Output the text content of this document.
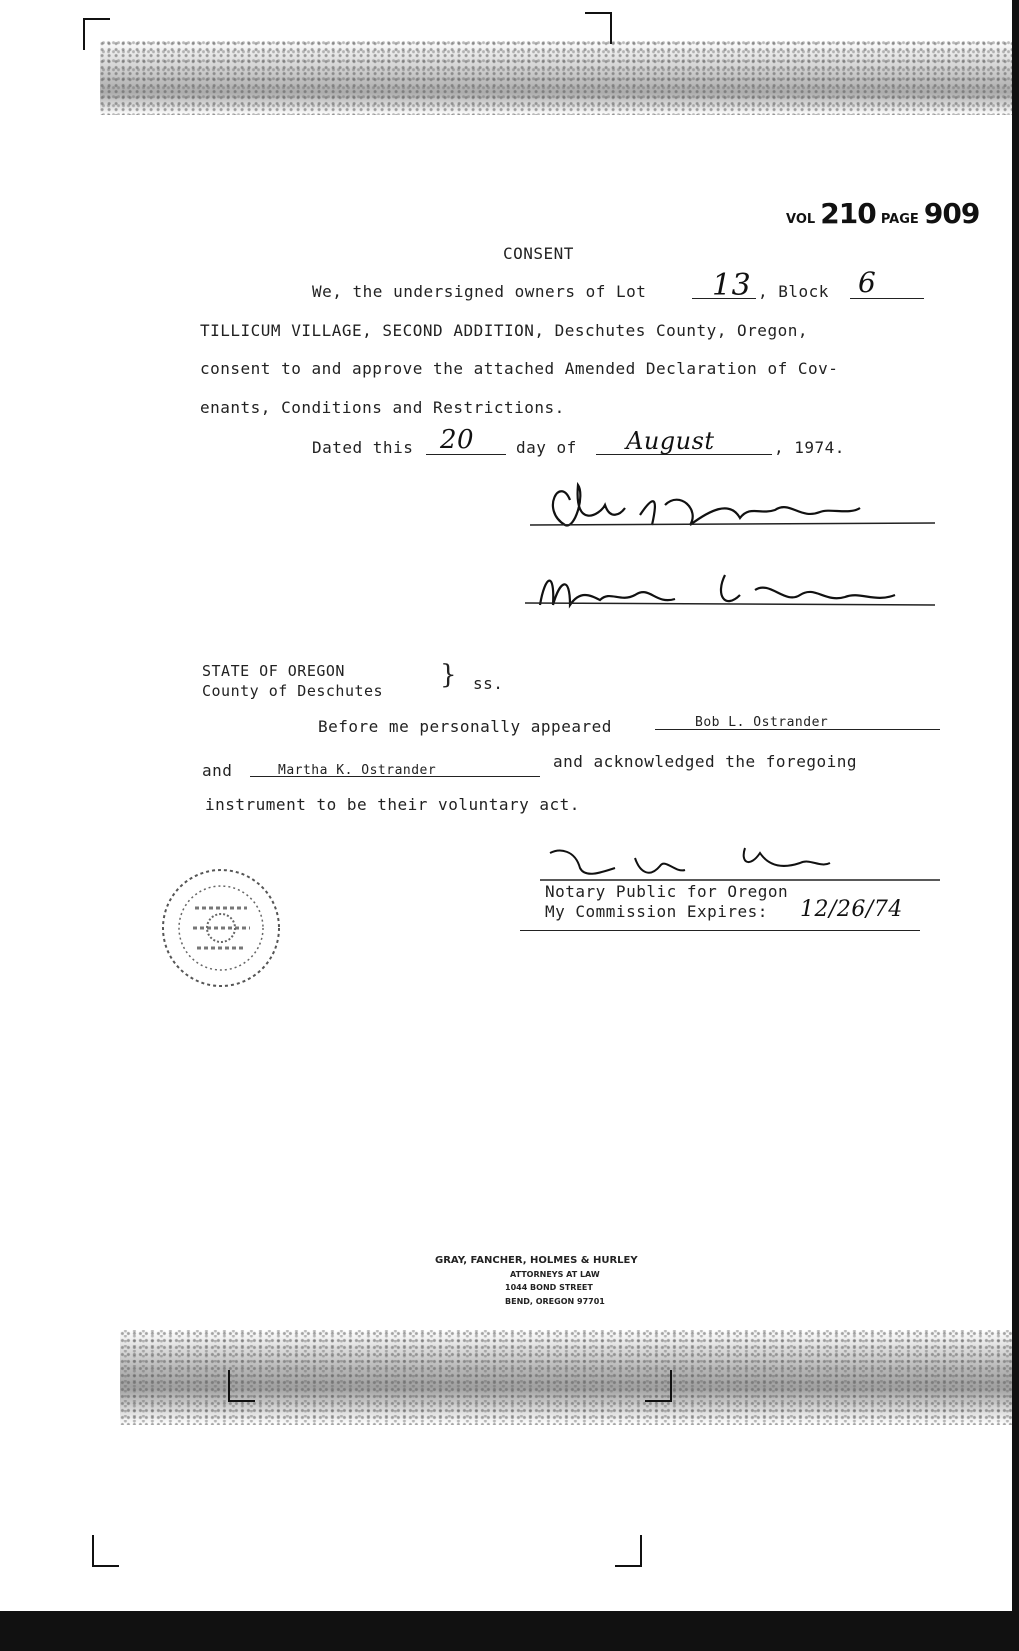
VOL 210 PAGE 909
CONSENT
We, the undersigned owners of Lot 13 , Block 6
TILLICUM VILLAGE, SECOND ADDITION, Deschutes County, Oregon,
consent to and approve the attached Amended Declaration of Cov-
enants, Conditions and Restrictions.
Dated this 20	day of August	, 1974.
STATE OF OREGON
County of Deschutes
} ss.
Before me personally appeared	Bob L. Ostrander
and	Martha K. Ostrander	and acknowledged the foregoing
instrument to be their voluntary act.
Notary Public for Oregon
My Commission Expires: 12/26/74
GRAY, FANCHER, HOLMES & HURLEY
ATTORNEYS AT LAW
1044 BOND STREET
BEND, OREGON 97701
